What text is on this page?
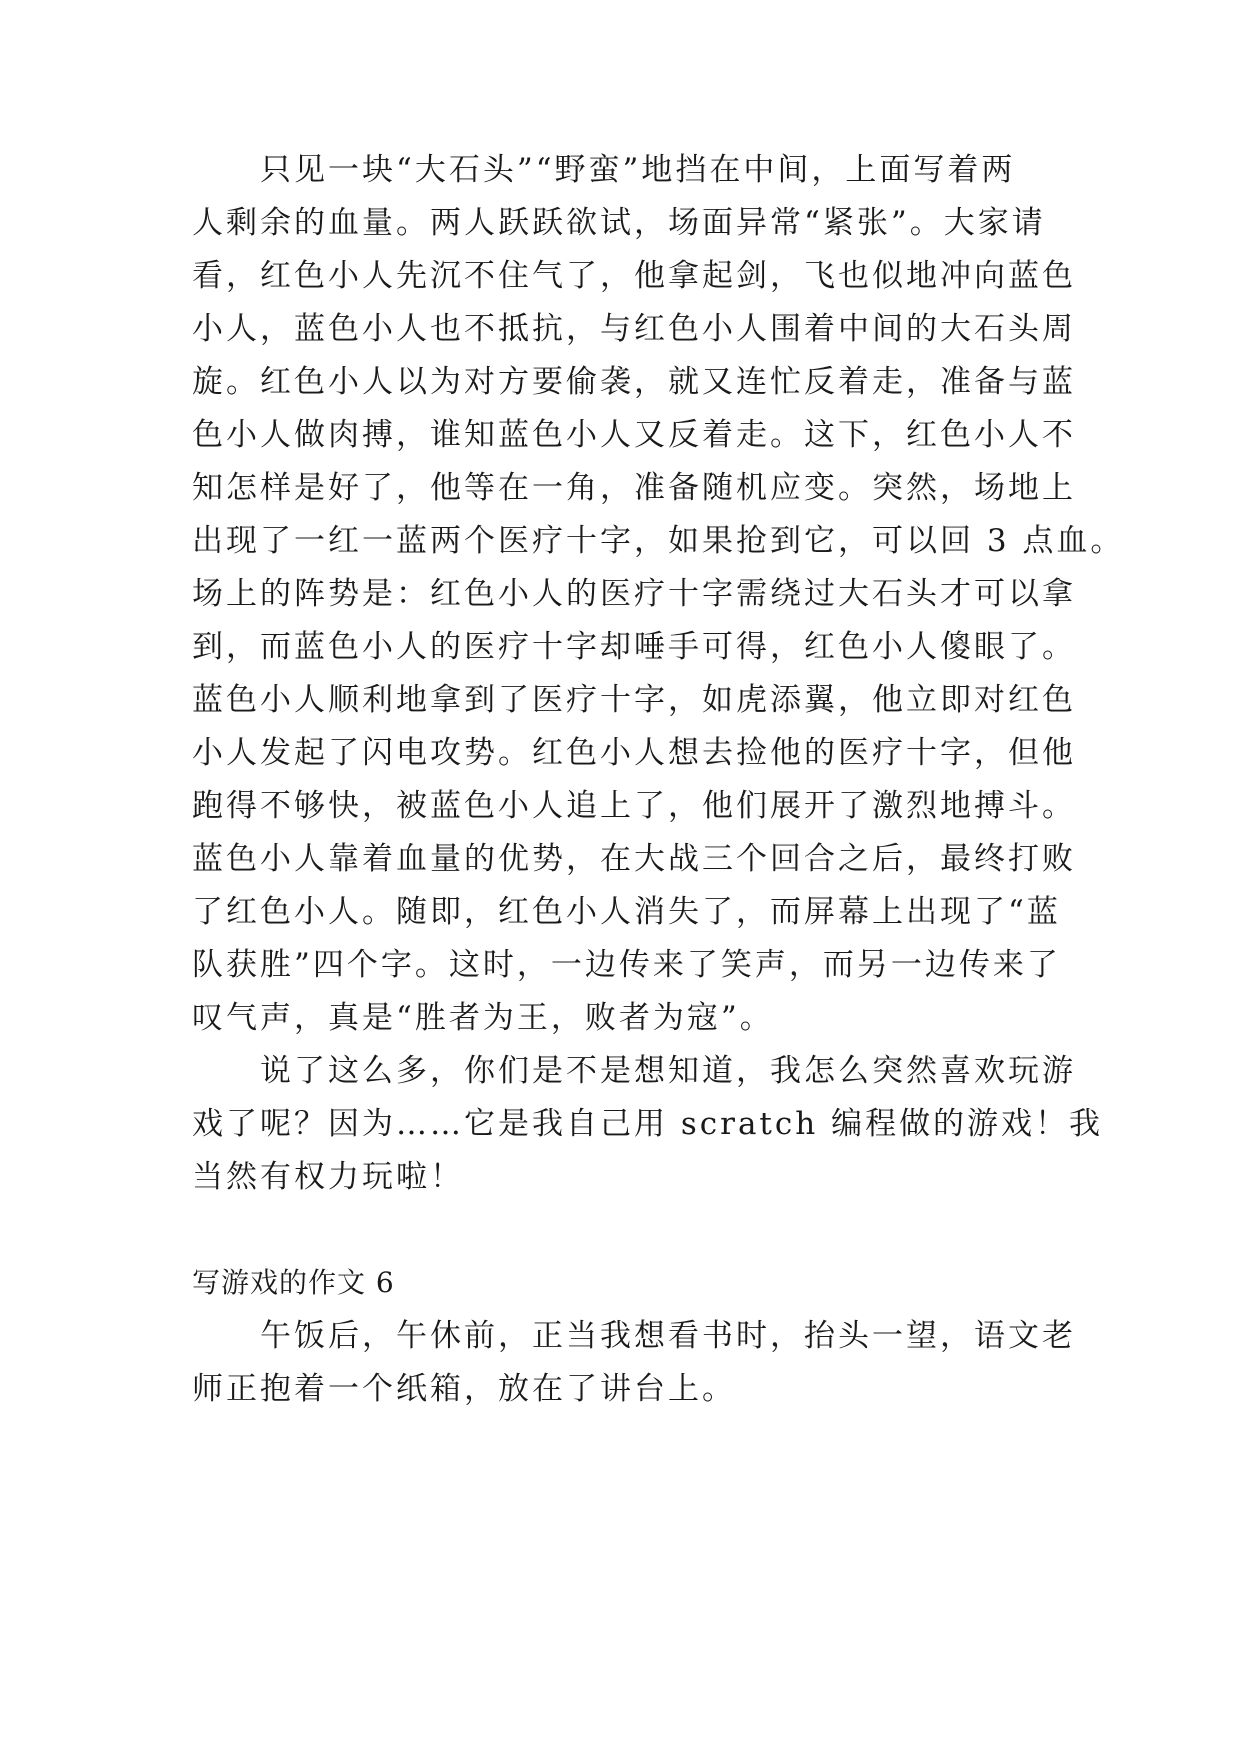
　　只见一块“大石头”“野蛮”地挡在中间，上面写着两
人剩余的血量。两人跃跃欲试，场面异常“紧张”。大家请
看，红色小人先沉不住气了，他拿起剑，飞也似地冲向蓝色
小人，蓝色小人也不抵抗，与红色小人围着中间的大石头周
旋。红色小人以为对方要偷袭，就又连忙反着走，准备与蓝
色小人做肉搏，谁知蓝色小人又反着走。这下，红色小人不
知怎样是好了，他等在一角，准备随机应变。突然，场地上
出现了一红一蓝两个医疗十字，如果抢到它，可以回 3 点血。
场上的阵势是：红色小人的医疗十字需绕过大石头才可以拿
到，而蓝色小人的医疗十字却唾手可得，红色小人傻眼了。
蓝色小人顺利地拿到了医疗十字，如虎添翼，他立即对红色
小人发起了闪电攻势。红色小人想去捡他的医疗十字，但他
跑得不够快，被蓝色小人追上了，他们展开了激烈地搏斗。
蓝色小人靠着血量的优势，在大战三个回合之后，最终打败
了红色小人。随即，红色小人消失了，而屏幕上出现了“蓝
队获胜”四个字。这时，一边传来了笑声，而另一边传来了
叹气声，真是“胜者为王，败者为寇”。
　　说了这么多，你们是不是想知道，我怎么突然喜欢玩游
戏了呢？因为……它是我自己用 scratch 编程做的游戏！我
当然有权力玩啦！
写游戏的作文 6
　　午饭后，午休前，正当我想看书时，抬头一望，语文老
师正抱着一个纸箱，放在了讲台上。
